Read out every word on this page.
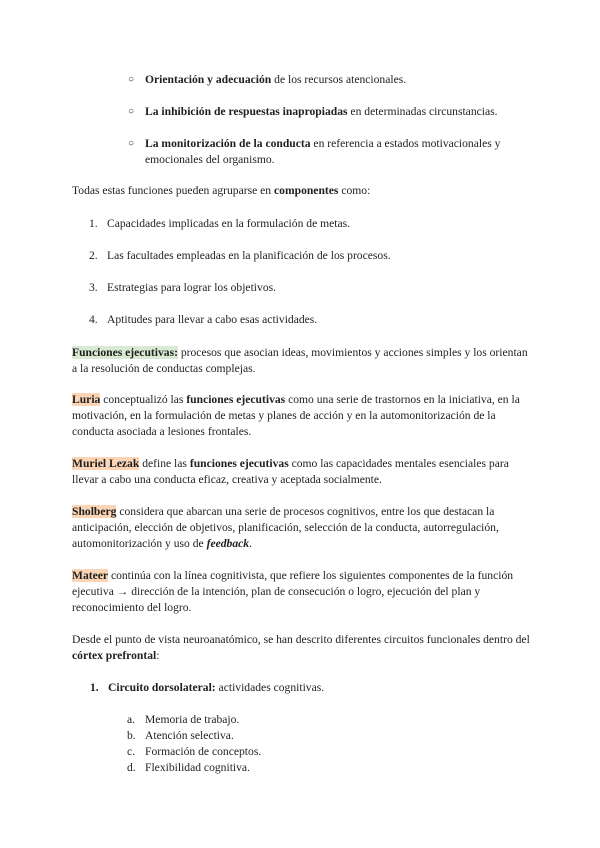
○ Orientación y adecuación de los recursos atencionales.
○ La inhibición de respuestas inapropiadas en determinadas circunstancias.
○ La monitorización de la conducta en referencia a estados motivacionales y emocionales del organismo.
Todas estas funciones pueden agruparse en componentes como:
1. Capacidades implicadas en la formulación de metas.
2. Las facultades empleadas en la planificación de los procesos.
3. Estrategias para lograr los objetivos.
4. Aptitudes para llevar a cabo esas actividades.
Funciones ejecutivas: procesos que asocian ideas, movimientos y acciones simples y los orientan a la resolución de conductas complejas.
Luria conceptualizó las funciones ejecutivas como una serie de trastornos en la iniciativa, en la motivación, en la formulación de metas y planes de acción y en la automonitorización de la conducta asociada a lesiones frontales.
Muriel Lezak define las funciones ejecutivas como las capacidades mentales esenciales para llevar a cabo una conducta eficaz, creativa y aceptada socialmente.
Sholberg considera que abarcan una serie de procesos cognitivos, entre los que destacan la anticipación, elección de objetivos, planificación, selección de la conducta, autorregulación, automonitorización y uso de feedback.
Mateer continúa con la línea cognitivista, que refiere los siguientes componentes de la función ejecutiva → dirección de la intención, plan de consecución o logro, ejecución del plan y reconocimiento del logro.
Desde el punto de vista neuroanatómico, se han descrito diferentes circuitos funcionales dentro del córtex prefrontal:
1. Circuito dorsolateral: actividades cognitivas.
a. Memoria de trabajo.
b. Atención selectiva.
c. Formación de conceptos.
d. Flexibilidad cognitiva.
